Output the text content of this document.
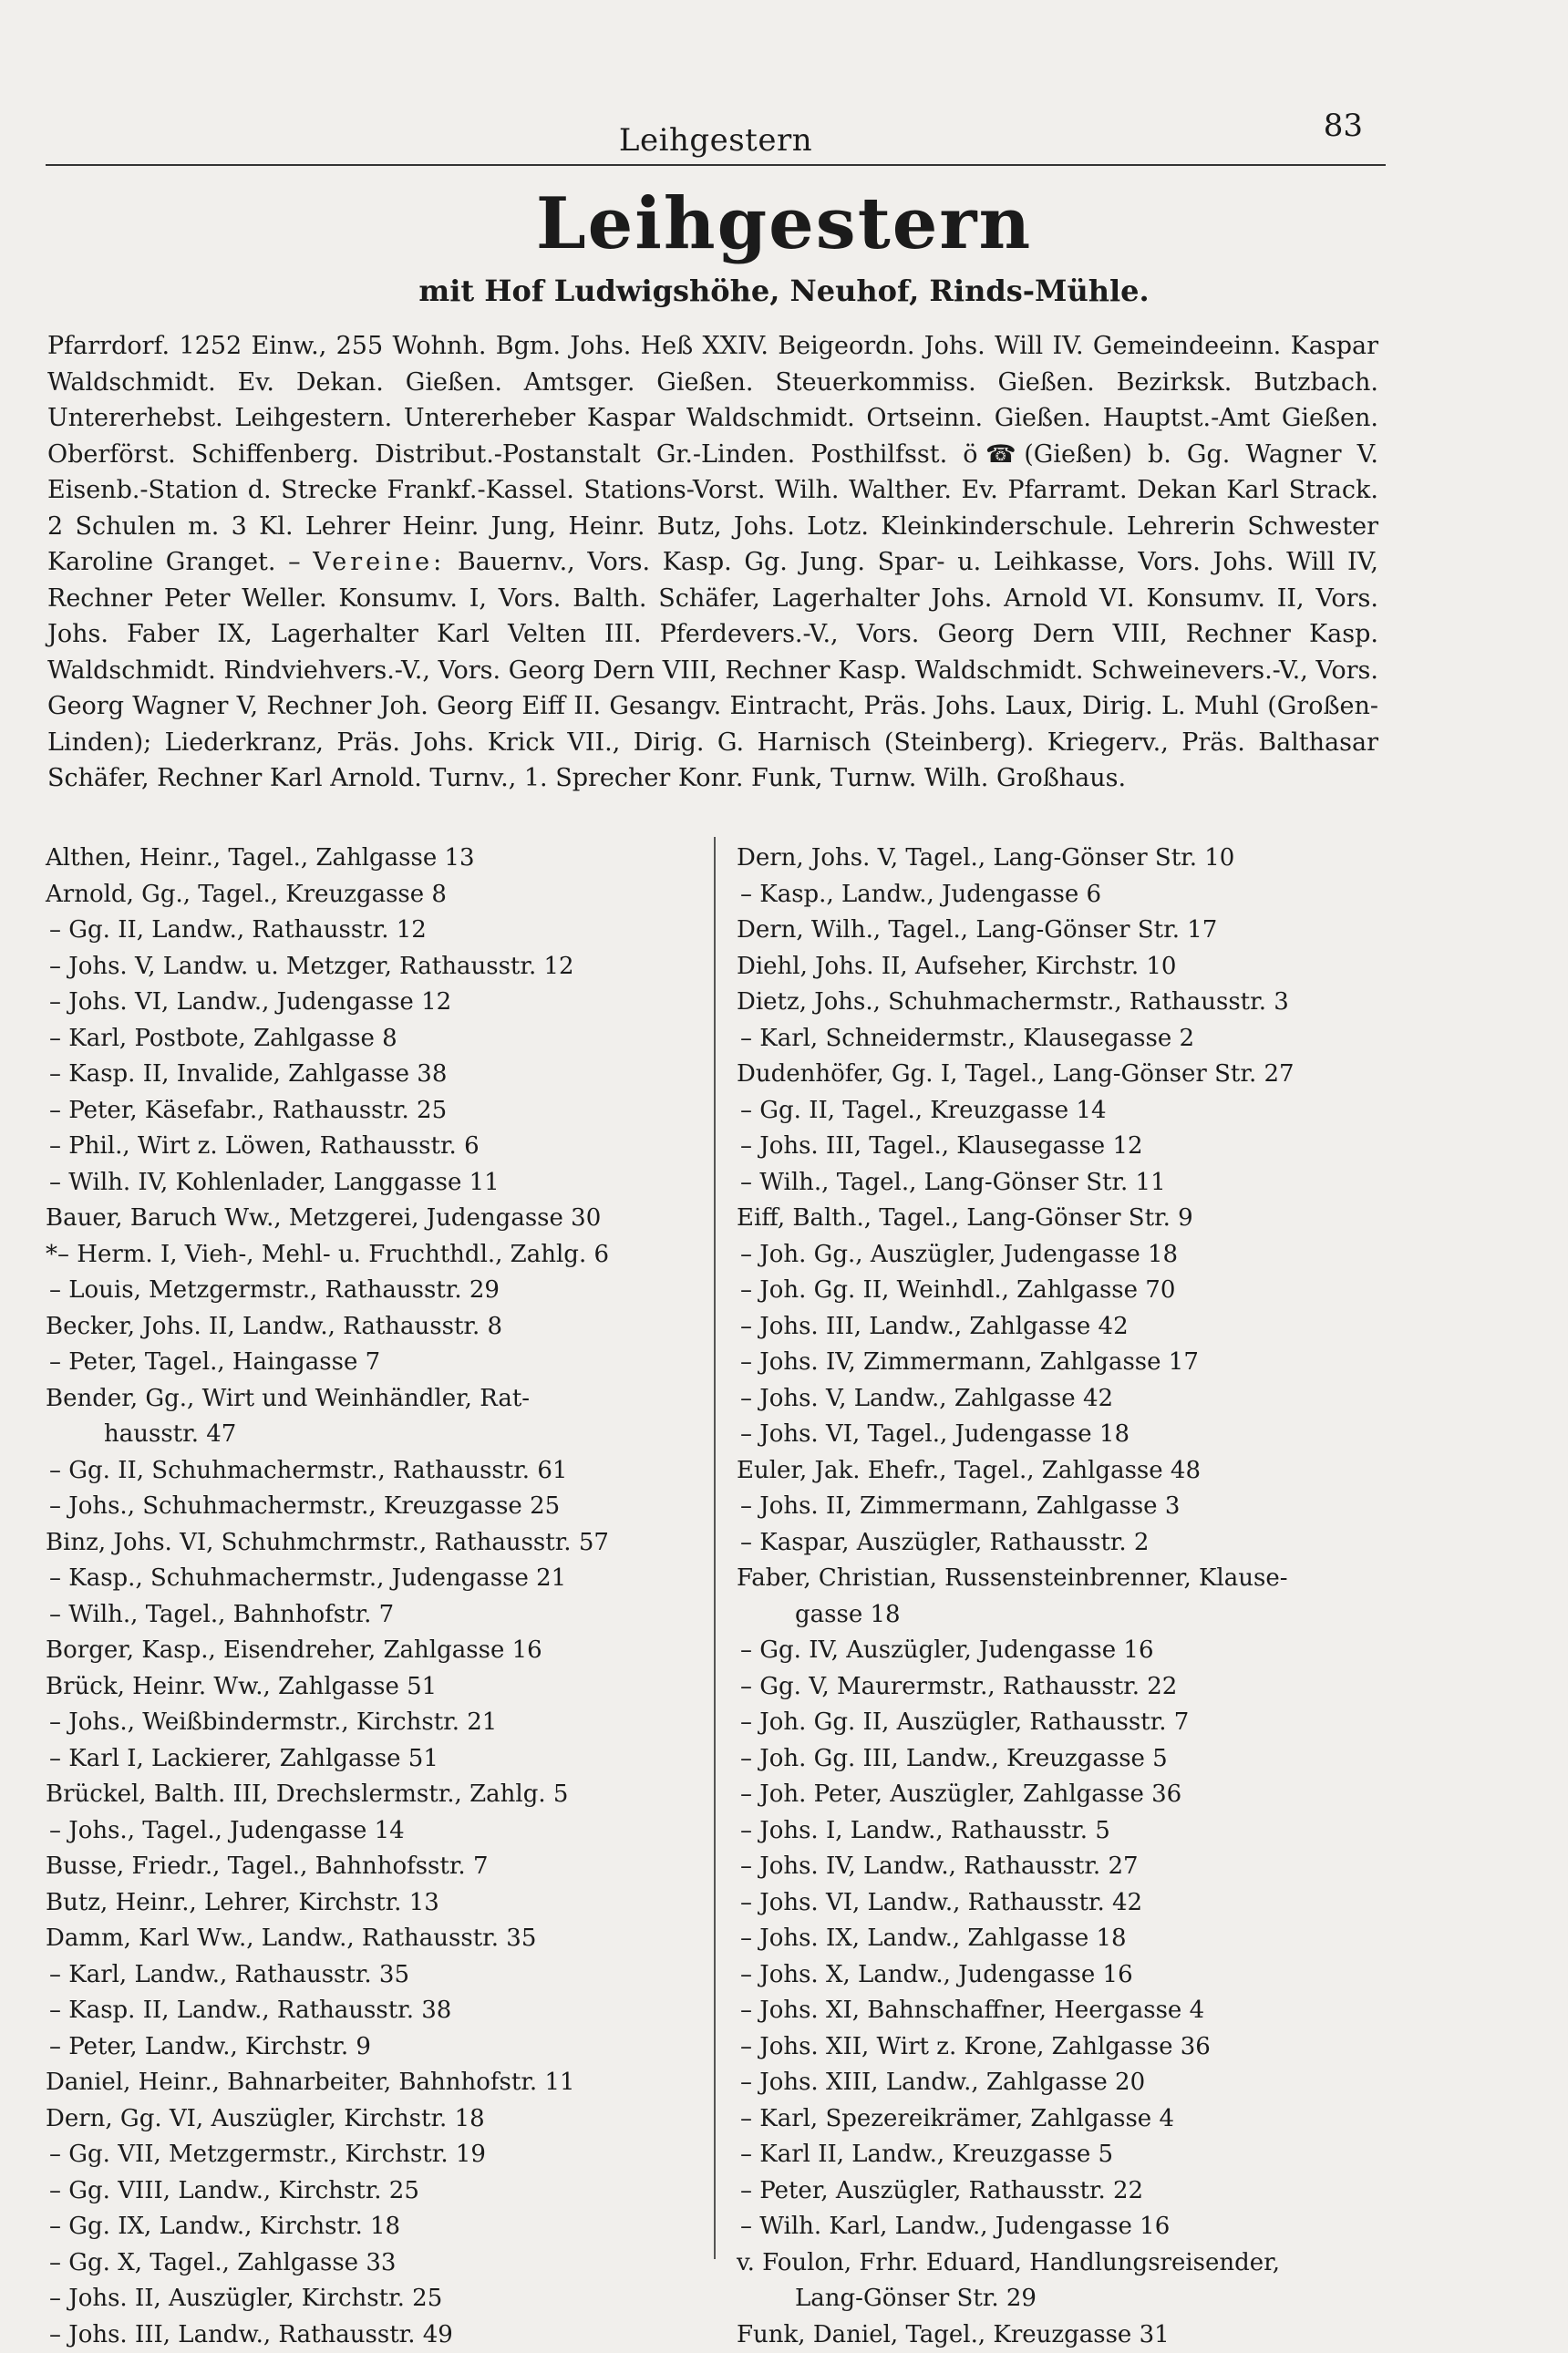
Leihgestern	83
Leihgestern
mit Hof Ludwigshöhe, Neuhof, Rinds-Mühle.
Pfarrdorf. 1252 Einw., 255 Wohnh. Bgm. Johs. Heß XXIV. Beigeordn. Johs. Will IV. Gemeindeeinn. Kaspar Waldschmidt. Ev. Dekan. Gießen. Amtsger. Gießen. Steuerkommiss. Gießen. Bezirksk. Butzbach. Untererhebst. Leihgestern. Untererheber Kaspar Waldschmidt. Ortseinn. Gießen. Hauptst.-Amt Gießen. Oberförst. Schiffenberg. Distribut.-Postanstalt Gr.-Linden. Posthilfsst. ö☎(Gießen) b. Gg. Wagner V. Eisenb.-Station d. Strecke Frankf.-Kassel. Stations-Vorst. Wilh. Walther. Ev. Pfarramt. Dekan Karl Strack. 2 Schulen m. 3 Kl. Lehrer Heinr. Jung, Heinr. Butz, Johs. Lotz. Kleinkinderschule. Lehrerin Schwester Karoline Granget. – Vereine: Bauernv., Vors. Kasp. Gg. Jung. Spar- u. Leihkasse, Vors. Johs. Will IV, Rechner Peter Weller. Konsumv. I, Vors. Balth. Schäfer, Lagerhalter Johs. Arnold VI. Konsumv. II, Vors. Johs. Faber IX, Lagerhalter Karl Velten III. Pferdevers.-V., Vors. Georg Dern VIII, Rechner Kasp. Waldschmidt. Rindviehvers.-V., Vors. Georg Dern VIII, Rechner Kasp. Waldschmidt. Schweinevers.-V., Vors. Georg Wagner V, Rechner Joh. Georg Eiff II. Gesangv. Eintracht, Präs. Johs. Laux, Dirig. L. Muhl (Großen-Linden); Liederkranz, Präs. Johs. Krick VII., Dirig. G. Harnisch (Steinberg). Kriegerv., Präs. Balthasar Schäfer, Rechner Karl Arnold. Turnv., 1. Sprecher Konr. Funk, Turnw. Wilh. Großhaus.
Althen, Heinr., Tagel., Zahlgasse 13
Arnold, Gg., Tagel., Kreuzgasse 8
– Gg. II, Landw., Rathausstr. 12
– Johs. V, Landw. u. Metzger, Rathausstr. 12
– Johs. VI, Landw., Judengasse 12
– Karl, Postbote, Zahlgasse 8
– Kasp. II, Invalide, Zahlgasse 38
– Peter, Käsefabr., Rathausstr. 25
– Phil., Wirt z. Löwen, Rathausstr. 6
– Wilh. IV, Kohlenlader, Langgasse 11
Bauer, Baruch Ww., Metzgerei, Judengasse 30
*– Herm. I, Vieh-, Mehl- u. Fruchthdl., Zahlg. 6
– Louis, Metzgermstr., Rathausstr. 29
Becker, Johs. II, Landw., Rathausstr. 8
– Peter, Tagel., Haingasse 7
Bender, Gg., Wirt und Weinhändler, Rat-
hausstr. 47
– Gg. II, Schuhmachermstr., Rathausstr. 61
– Johs., Schuhmachermstr., Kreuzgasse 25
Binz, Johs. VI, Schuhmchrmstr., Rathausstr. 57
– Kasp., Schuhmachermstr., Judengasse 21
– Wilh., Tagel., Bahnhofstr. 7
Borger, Kasp., Eisendreher, Zahlgasse 16
Brück, Heinr. Ww., Zahlgasse 51
– Johs., Weißbindermstr., Kirchstr. 21
– Karl I, Lackierer, Zahlgasse 51
Brückel, Balth. III, Drechslermstr., Zahlg. 5
– Johs., Tagel., Judengasse 14
Busse, Friedr., Tagel., Bahnhofsstr. 7
Butz, Heinr., Lehrer, Kirchstr. 13
Damm, Karl Ww., Landw., Rathausstr. 35
– Karl, Landw., Rathausstr. 35
– Kasp. II, Landw., Rathausstr. 38
– Peter, Landw., Kirchstr. 9
Daniel, Heinr., Bahnarbeiter, Bahnhofstr. 11
Dern, Gg. VI, Auszügler, Kirchstr. 18
– Gg. VII, Metzgermstr., Kirchstr. 19
– Gg. VIII, Landw., Kirchstr. 25
– Gg. IX, Landw., Kirchstr. 18
– Gg. X, Tagel., Zahlgasse 33
– Johs. II, Auszügler, Kirchstr. 25
– Johs. III, Landw., Rathausstr. 49
Dern, Johs. V, Tagel., Lang-Gönser Str. 10
– Kasp., Landw., Judengasse 6
Dern, Wilh., Tagel., Lang-Gönser Str. 17
Diehl, Johs. II, Aufseher, Kirchstr. 10
Dietz, Johs., Schuhmachermstr., Rathausstr. 3
– Karl, Schneidermstr., Klausegasse 2
Dudenhöfer, Gg. I, Tagel., Lang-Gönser Str. 27
– Gg. II, Tagel., Kreuzgasse 14
– Johs. III, Tagel., Klausegasse 12
– Wilh., Tagel., Lang-Gönser Str. 11
Eiff, Balth., Tagel., Lang-Gönser Str. 9
– Joh. Gg., Auszügler, Judengasse 18
– Joh. Gg. II, Weinhdl., Zahlgasse 70
– Johs. III, Landw., Zahlgasse 42
– Johs. IV, Zimmermann, Zahlgasse 17
– Johs. V, Landw., Zahlgasse 42
– Johs. VI, Tagel., Judengasse 18
Euler, Jak. Ehefr., Tagel., Zahlgasse 48
– Johs. II, Zimmermann, Zahlgasse 3
– Kaspar, Auszügler, Rathausstr. 2
Faber, Christian, Russensteinbrenner, Klause-
gasse 18
– Gg. IV, Auszügler, Judengasse 16
– Gg. V, Maurermstr., Rathausstr. 22
– Joh. Gg. II, Auszügler, Rathausstr. 7
– Joh. Gg. III, Landw., Kreuzgasse 5
– Joh. Peter, Auszügler, Zahlgasse 36
– Johs. I, Landw., Rathausstr. 5
– Johs. IV, Landw., Rathausstr. 27
– Johs. VI, Landw., Rathausstr. 42
– Johs. IX, Landw., Zahlgasse 18
– Johs. X, Landw., Judengasse 16
– Johs. XI, Bahnschaffner, Heergasse 4
– Johs. XII, Wirt z. Krone, Zahlgasse 36
– Johs. XIII, Landw., Zahlgasse 20
– Karl, Spezereikrämer, Zahlgasse 4
– Karl II, Landw., Kreuzgasse 5
– Peter, Auszügler, Rathausstr. 22
– Wilh. Karl, Landw., Judengasse 16
v. Foulon, Frhr. Eduard, Handlungsreisender,
Lang-Gönser Str. 29
Funk, Daniel, Tagel., Kreuzgasse 31
